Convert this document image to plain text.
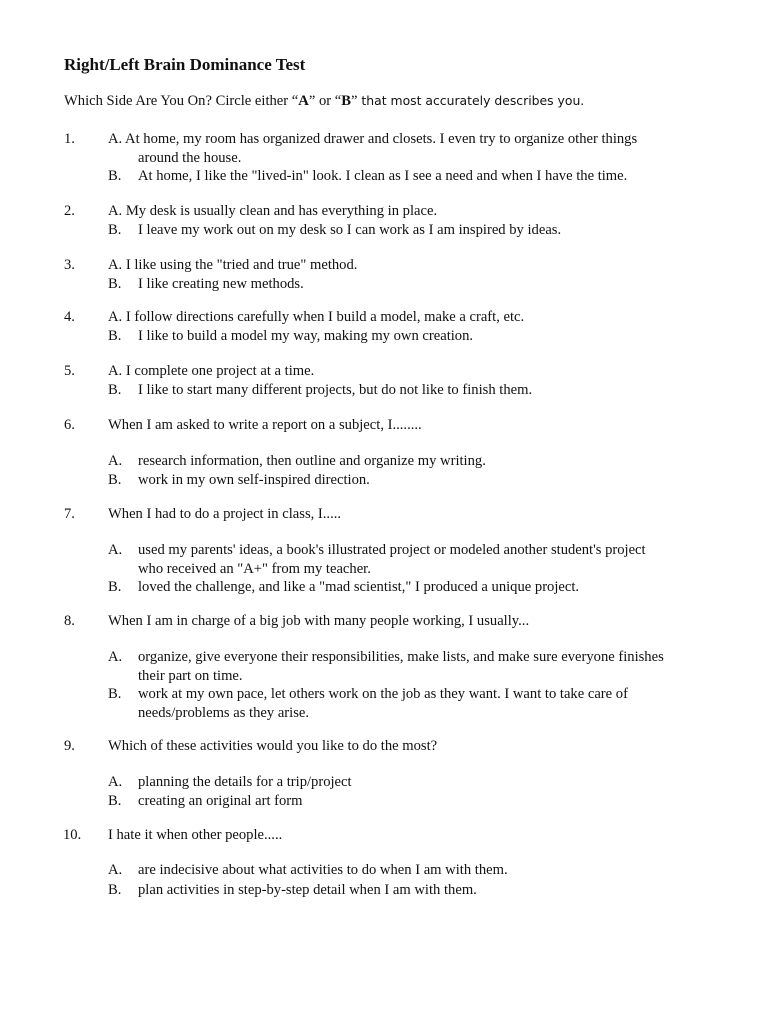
Right/Left Brain Dominance Test
Which Side Are You On? Circle either “A” or “B” that most accurately describes you.
1. A. At home, my room has organized drawer and closets. I even try to organize other things
around the house.
B. At home, I like the "lived-in" look. I clean as I see a need and when I have the time.
2. A. My desk is usually clean and has everything in place.
B. I leave my work out on my desk so I can work as I am inspired by ideas.
3. A. I like using the "tried and true" method.
B. I like creating new methods.
4. A. I follow directions carefully when I build a model, make a craft, etc.
B. I like to build a model my way, making my own creation.
5. A. I complete one project at a time.
B. I like to start many different projects, but do not like to finish them.
6. When I am asked to write a report on a subject, I........
A. research information, then outline and organize my writing.
B. work in my own self-inspired direction.
7. When I had to do a project in class, I.....
A. used my parents' ideas, a book's illustrated project or modeled another student's project
who received an "A+" from my teacher.
B. loved the challenge, and like a "mad scientist," I produced a unique project.
8. When I am in charge of a big job with many people working, I usually...
A. organize, give everyone their responsibilities, make lists, and make sure everyone finishes
their part on time.
B. work at my own pace, let others work on the job as they want. I want to take care of
needs/problems as they arise.
9. Which of these activities would you like to do the most?
A. planning the details for a trip/project
B. creating an original art form
10. I hate it when other people.....
A. are indecisive about what activities to do when I am with them.
B. plan activities in step-by-step detail when I am with them.
